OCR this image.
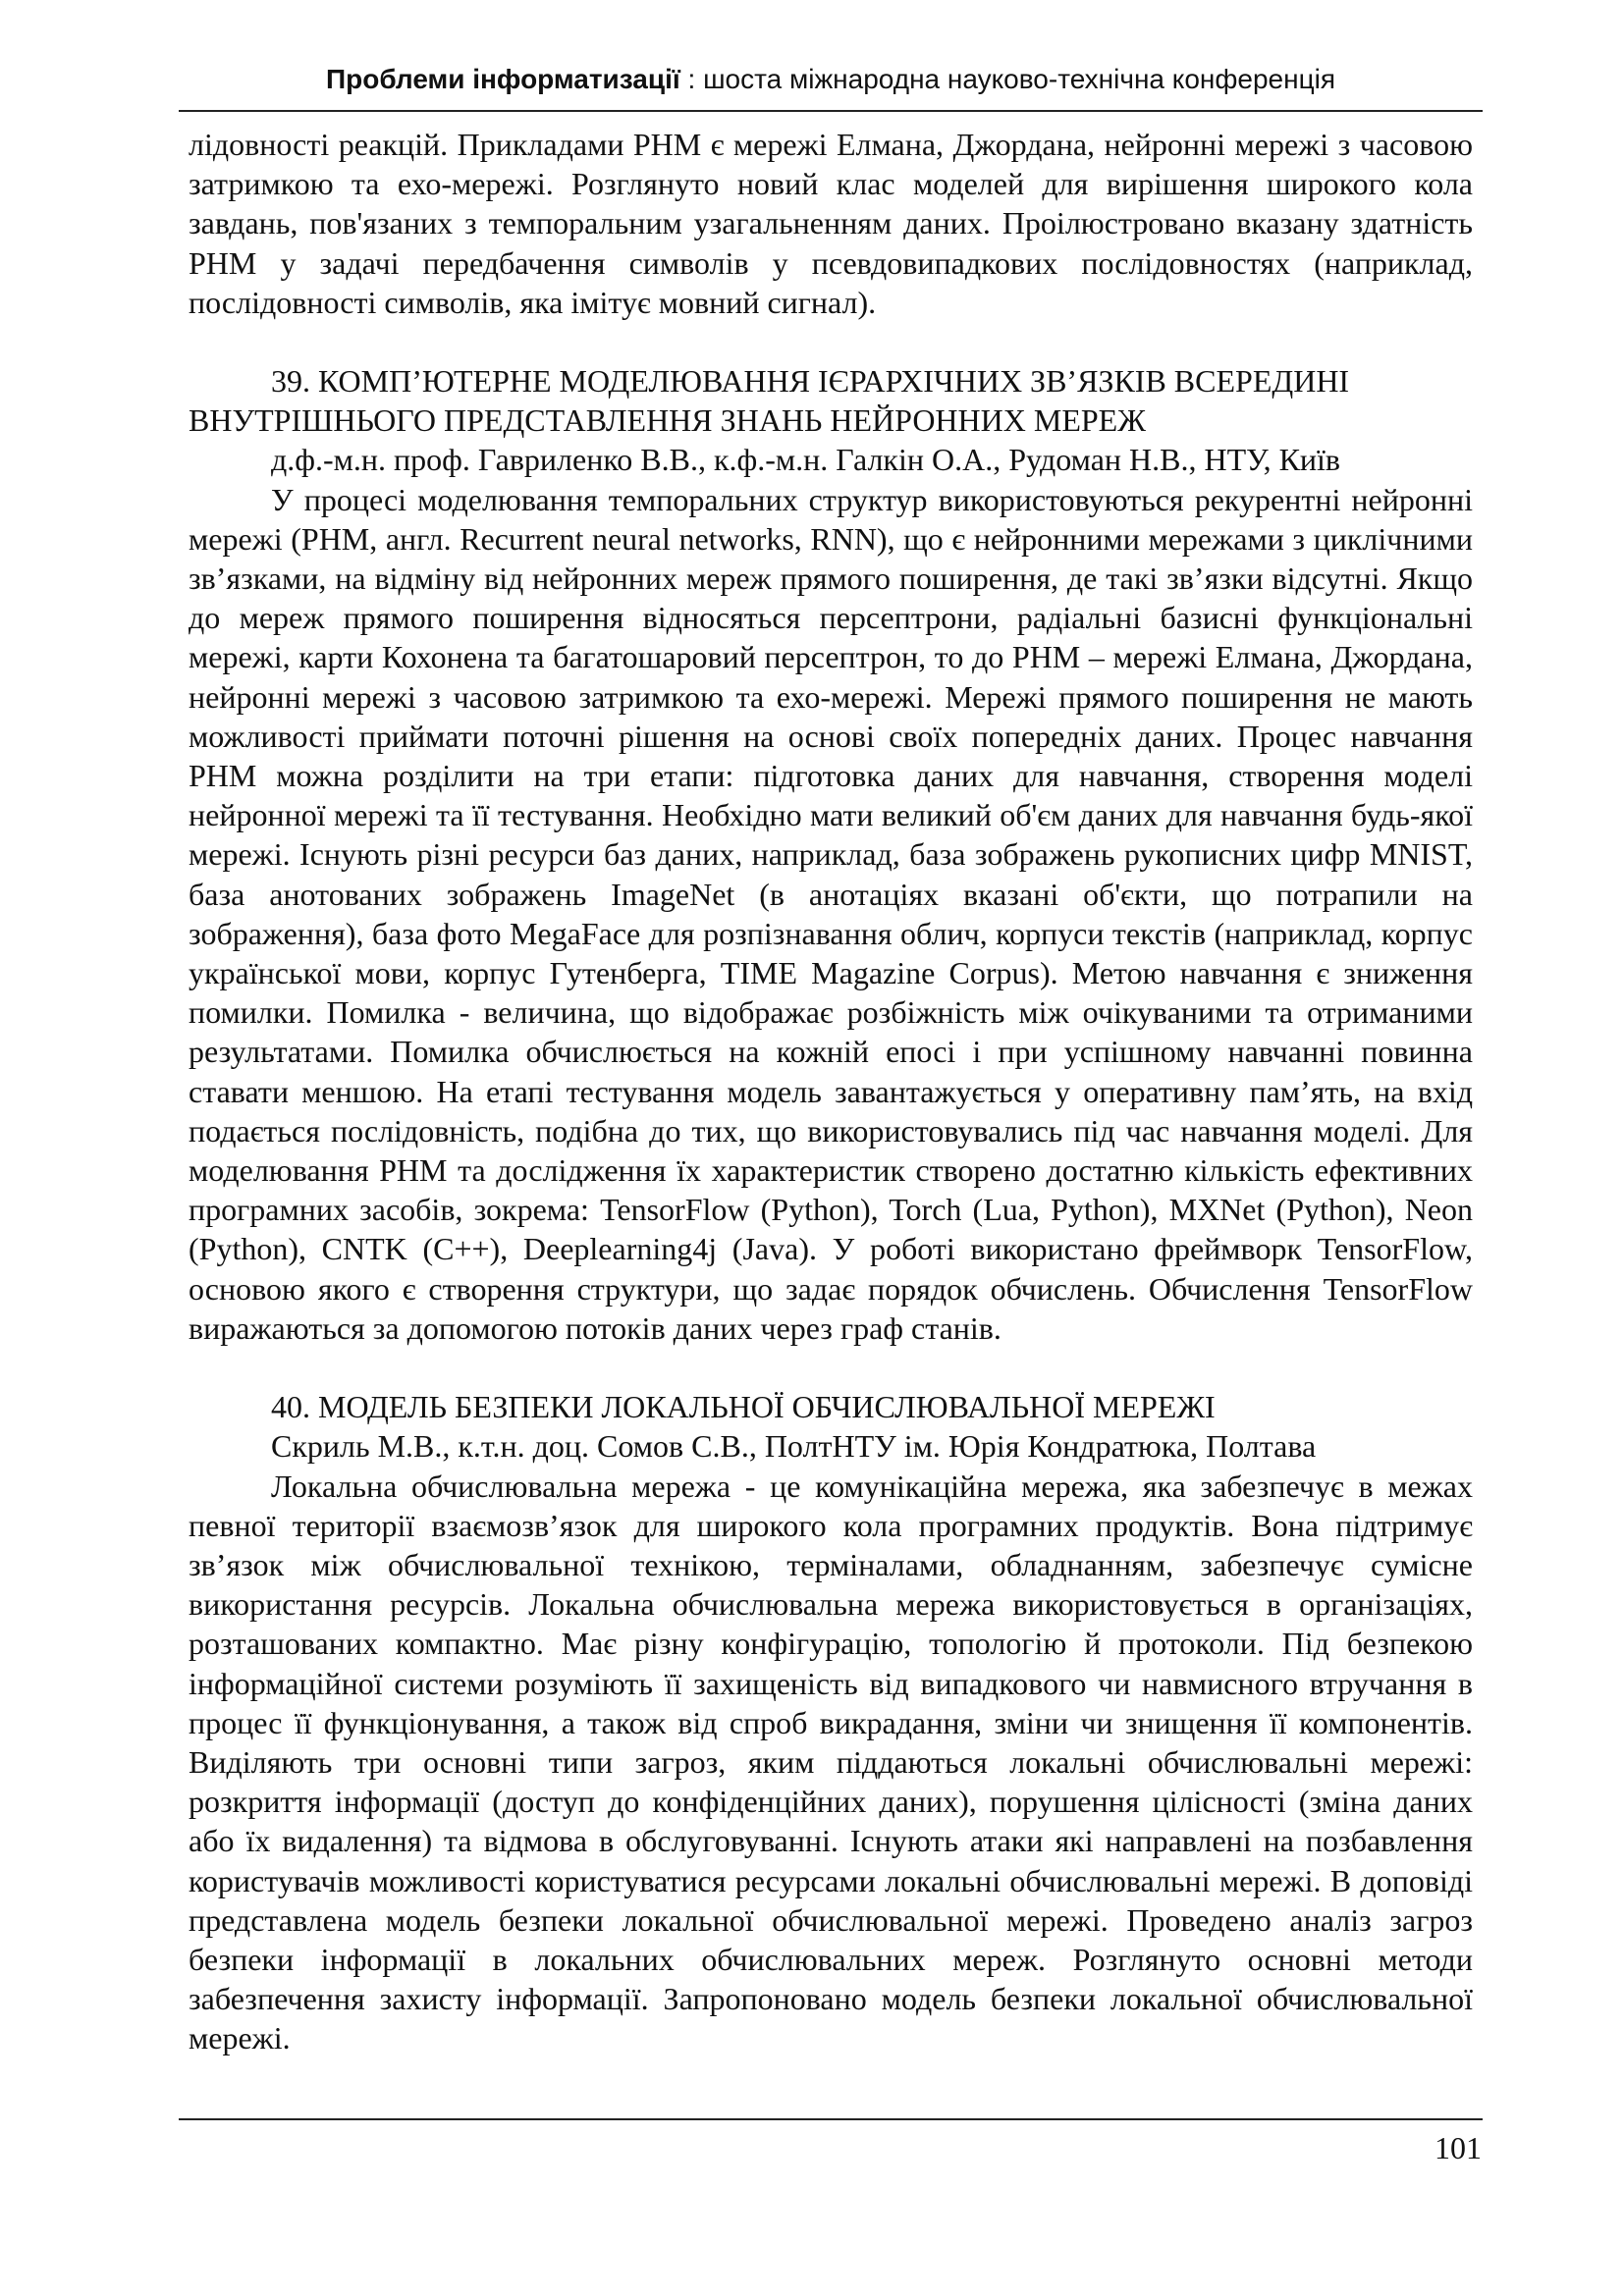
Проблеми інформатизації : шоста міжнародна науково-технічна конференція

лідовності реакцій. Прикладами РНМ є мережі Елмана, Джордана, нейронні мережі з часовою затримкою та ехо-мережі. Розглянуто новий клас моделей для вирішення широкого кола завдань, пов'язаних з темпоральним узагальненням даних. Проілюстровано вказану здатність РНМ у задачі передбачення символів у псевдовипадкових послідовностях (наприклад, послідовності символів, яка імітує мовний сигнал).

39. КОМП’ЮТЕРНЕ МОДЕЛЮВАННЯ ІЄРАРХІЧНИХ ЗВ’ЯЗКІВ ВСЕРЕДИНІ ВНУТРІШНЬОГО ПРЕДСТАВЛЕННЯ ЗНАНЬ НЕЙРОННИХ МЕРЕЖ

д.ф.-м.н. проф. Гавриленко В.В., к.ф.-м.н. Галкін О.А., Рудоман Н.В., НТУ, Київ

У процесі моделювання темпоральних структур використовуються рекурентні нейронні мережі (РНМ, англ. Recurrent neural networks, RNN), що є нейронними мережами з циклічними зв’язками, на відміну від нейронних мереж прямого поширення, де такі зв’язки відсутні. Якщо до мереж прямого поширення відносяться персептрони, радіальні базисні функціональні мережі, карти Кохонена та багатошаровий персептрон, то до РНМ – мережі Елмана, Джордана, нейронні мережі з часовою затримкою та ехо-мережі. Мережі прямого поширення не мають можливості приймати поточні рішення на основі своїх попередніх даних. Процес навчання РНМ можна розділити на три етапи: підготовка даних для навчання, створення моделі нейронної мережі та її тестування. Необхідно мати великий об'єм даних для навчання будь-якої мережі. Існують різні ресурси баз даних, наприклад, база зображень рукописних цифр MNIST, база анотованих зображень ImageNet (в анотаціях вказані об'єкти, що потрапили на зображення), база фото MegaFace для розпізнавання облич, корпуси текстів (наприклад, корпус української мови, корпус Гутенберга, TIME Magazine Corpus). Метою навчання є зниження помилки. Помилка - величина, що відображає розбіжність між очікуваними та отриманими результатами. Помилка обчислюється на кожній епосі і при успішному навчанні повинна ставати меншою. На етапі тестування модель завантажується у оперативну пам’ять, на вхід подається послідовність, подібна до тих, що використовувались під час навчання моделі. Для моделювання РНМ та дослідження їх характеристик створено достатню кількість ефективних програмних засобів, зокрема: TensorFlow (Python), Torch (Lua, Python), MXNet (Python), Neon (Python), CNTK (C++), Deeplearning4j (Java). У роботі використано фреймворк TensorFlow, основою якого є створення структури, що задає порядок обчислень. Обчислення TensorFlow виражаються за допомогою потоків даних через граф станів.

40. МОДЕЛЬ БЕЗПЕКИ ЛОКАЛЬНОЇ ОБЧИСЛЮВАЛЬНОЇ МЕРЕЖІ

Скриль М.В., к.т.н. доц. Сомов С.В., ПолтНТУ ім. Юрія Кондратюка, Полтава

Локальна обчислювальна мережа - це комунікаційна мережа, яка забезпечує в межах певної території взаємозв’язок для широкого кола програмних продуктів. Вона підтримує зв’язок між обчислювальної технікою, терміналами, обладнанням, забезпечує сумісне використання ресурсів. Локальна обчислювальна мережа використовується в організаціях, розташованих компактно. Має різну конфігурацію, топологію й протоколи. Під безпекою інформаційної системи розуміють її захищеність від випадкового чи навмисного втручання в процес її функціонування, а також від спроб викрадання, зміни чи знищення її компонентів. Виділяють три основні типи загроз, яким піддаються локальні обчислювальні мережі: розкриття інформації (доступ до конфіденційних даних), порушення цілісності (зміна даних або їх видалення) та відмова в обслуговуванні. Існують атаки які направлені на позбавлення користувачів можливості користуватися ресурсами локальні обчислювальні мережі. В доповіді представлена модель безпеки локальної обчислювальної мережі. Проведено аналіз загроз безпеки інформації в локальних обчислювальних мереж. Розглянуто основні методи забезпечення захисту інформації. Запропоновано модель безпеки локальної обчислювальної мережі.

101
